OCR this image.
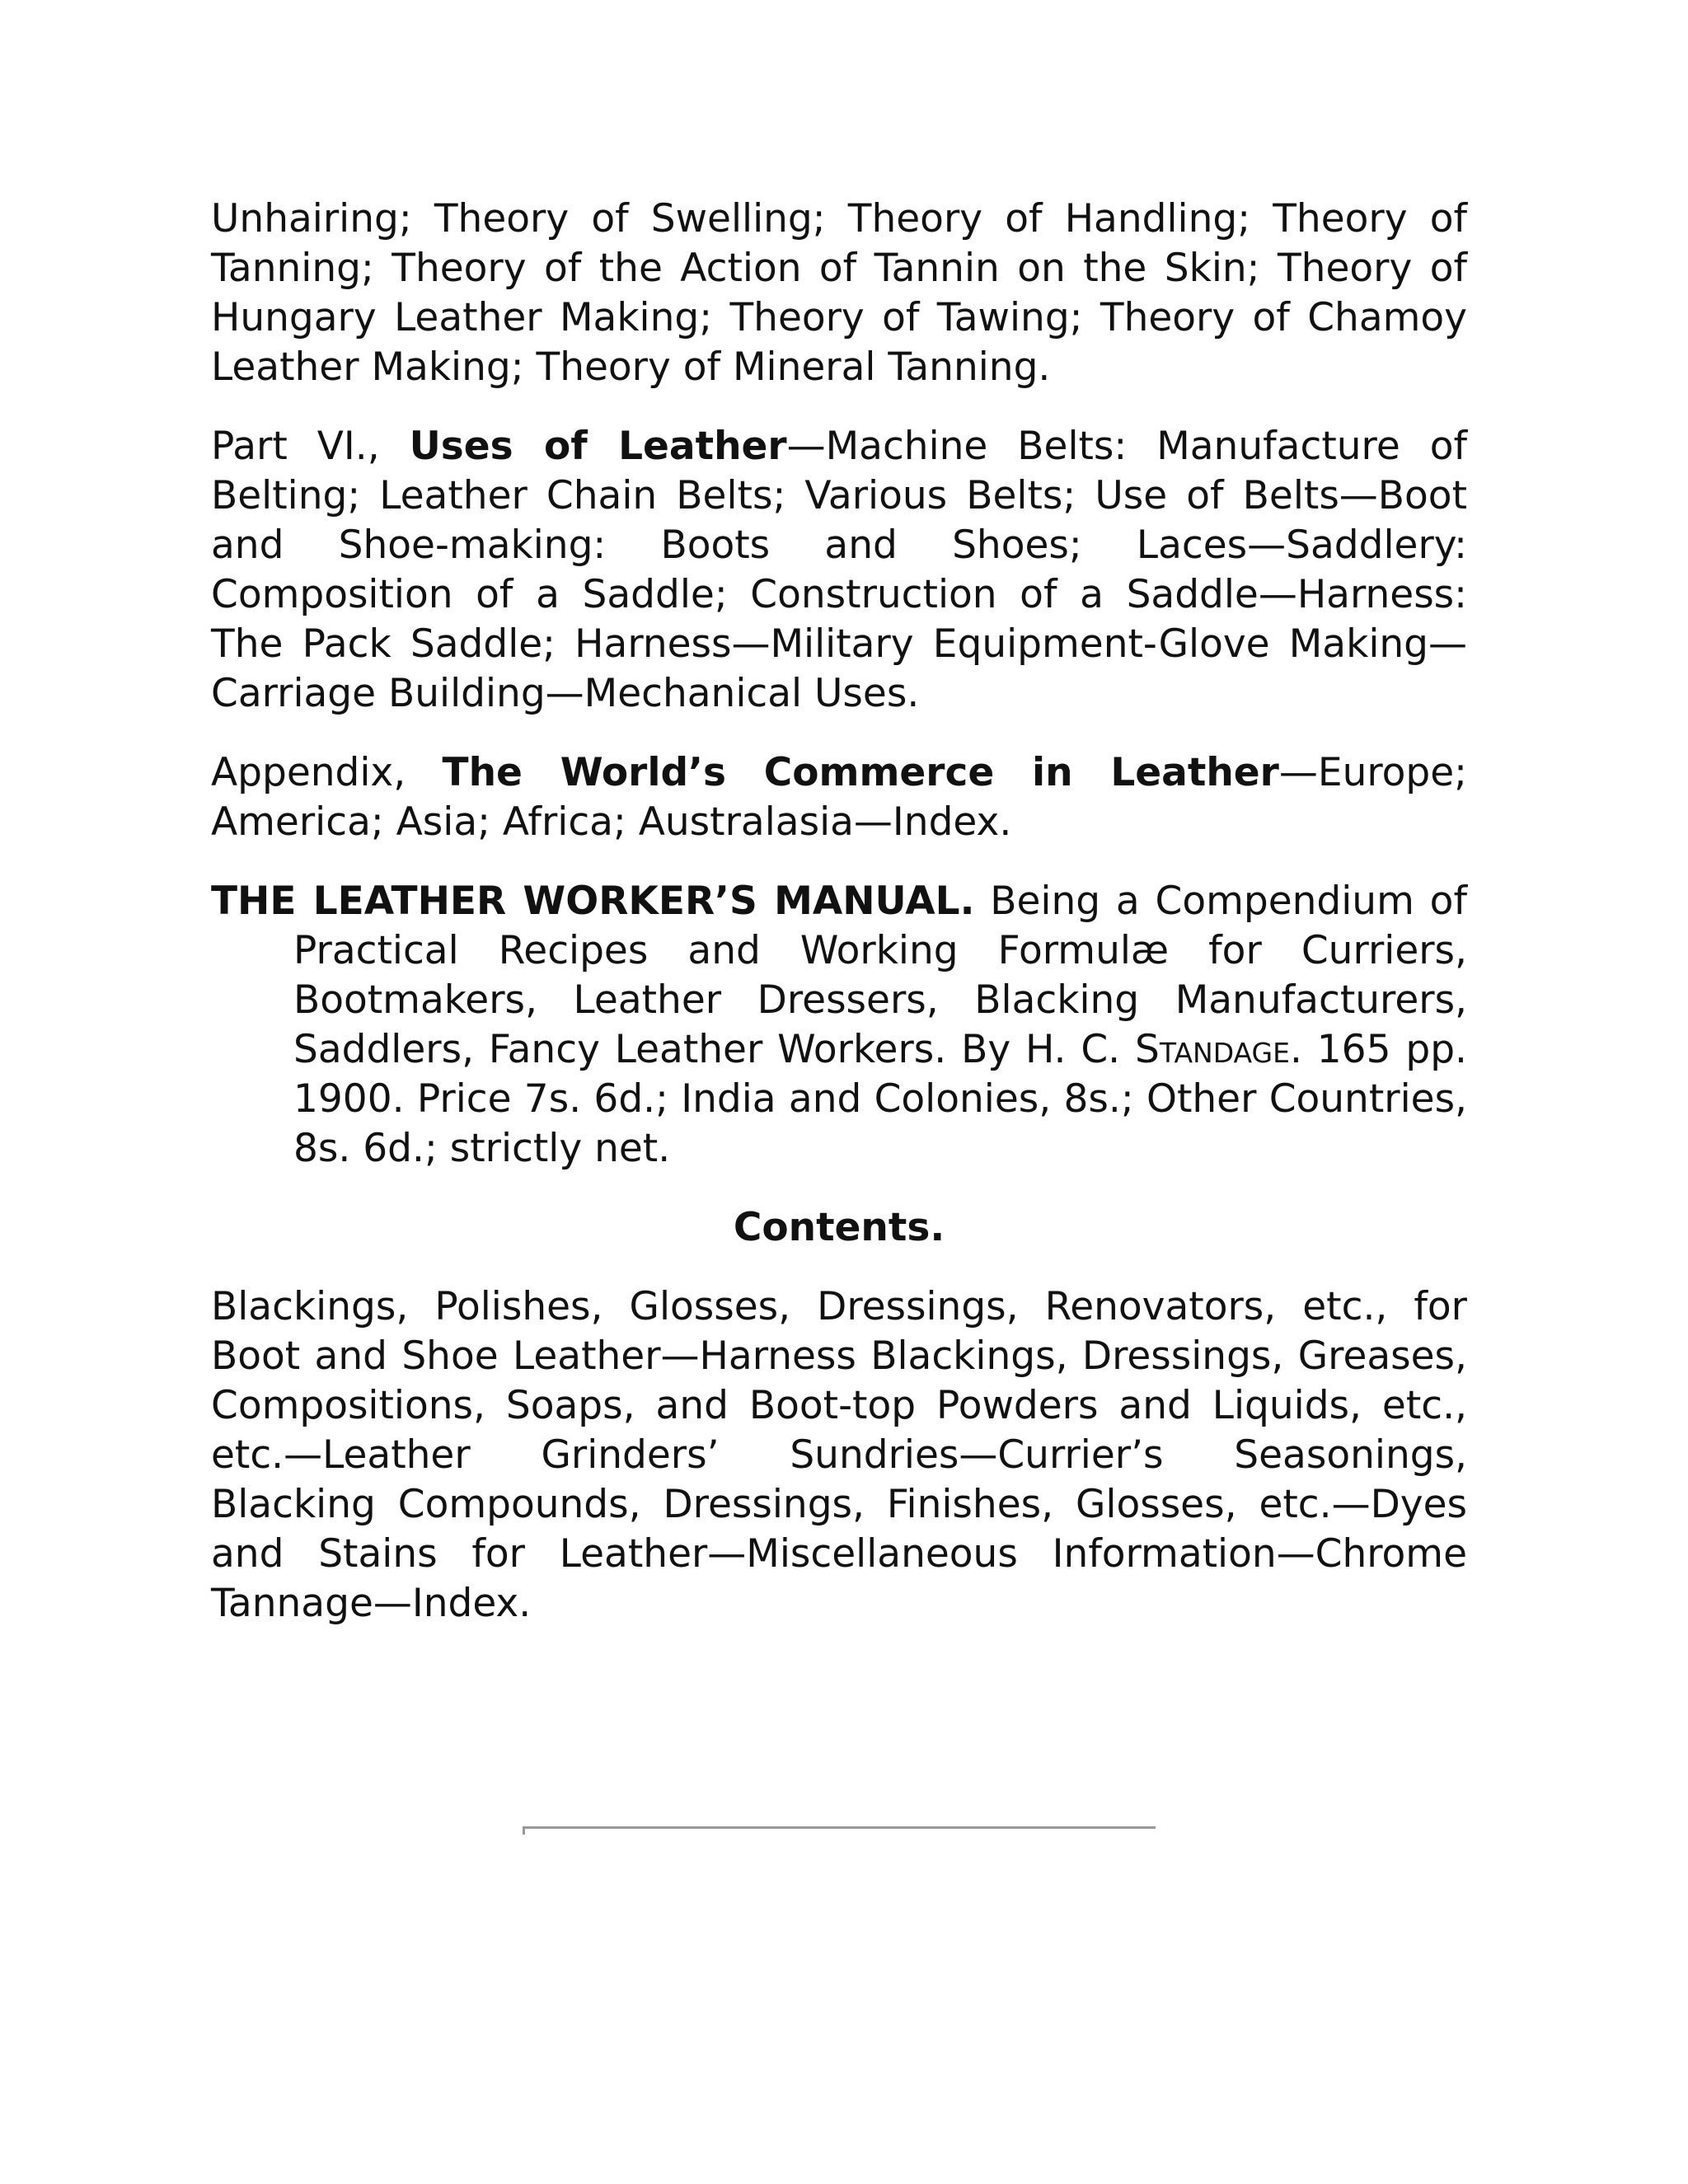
Unhairing; Theory of Swelling; Theory of Handling; Theory of Tanning; Theory of the Action of Tannin on the Skin; Theory of Hungary Leather Making; Theory of Tawing; Theory of Chamoy Leather Making; Theory of Mineral Tanning.

Part VI., Uses of Leather—Machine Belts: Manufacture of Belting; Leather Chain Belts; Various Belts; Use of Belts—Boot and Shoe-making: Boots and Shoes; Laces—Saddlery: Composition of a Saddle; Construction of a Saddle—Harness: The Pack Saddle; Harness—Military Equipment-Glove Making—Carriage Building—Mechanical Uses.

Appendix, The World’s Commerce in Leather—Europe; America; Asia; Africa; Australasia—Index.

THE LEATHER WORKER’S MANUAL. Being a Compendium of Practical Recipes and Working Formulæ for Curriers, Bootmakers, Leather Dressers, Blacking Manufacturers, Saddlers, Fancy Leather Workers. By H. C. Standage. 165 pp. 1900. Price 7s. 6d.; India and Colonies, 8s.; Other Countries, 8s. 6d.; strictly net.

Contents.

Blackings, Polishes, Glosses, Dressings, Renovators, etc., for Boot and Shoe Leather—Harness Blackings, Dressings, Greases, Compositions, Soaps, and Boot-top Powders and Liquids, etc., etc.—Leather Grinders’ Sundries—Currier’s Seasonings, Blacking Compounds, Dressings, Finishes, Glosses, etc.—Dyes and Stains for Leather—Miscellaneous Information—Chrome Tannage—Index.
